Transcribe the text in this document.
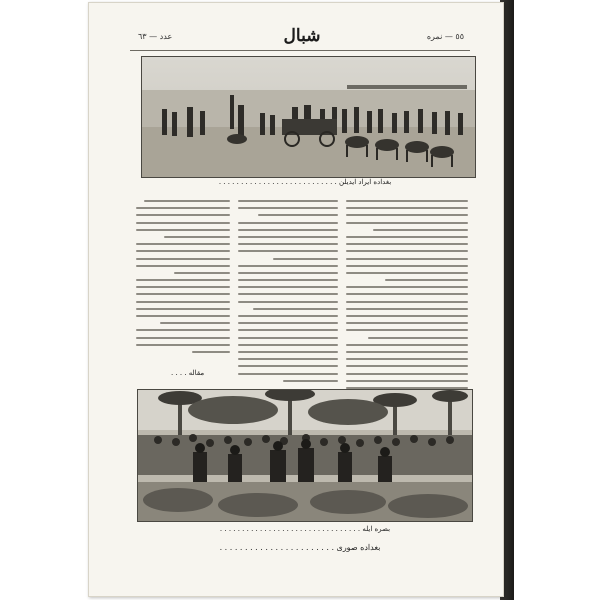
عدد — ٦٣	شبال	٥٥ — نمره
بغداده ایراد ایدیلن . . . . . . . . . . . . . . . . . . . . . . . . . . .
مقاله . . . .
بصره ایله . . . . . . . . . . . . . . . . . . . . . . . . . . . . . . . .
بغداده صوری . . . . . . . . . . . . . . . . . . . . . . .
